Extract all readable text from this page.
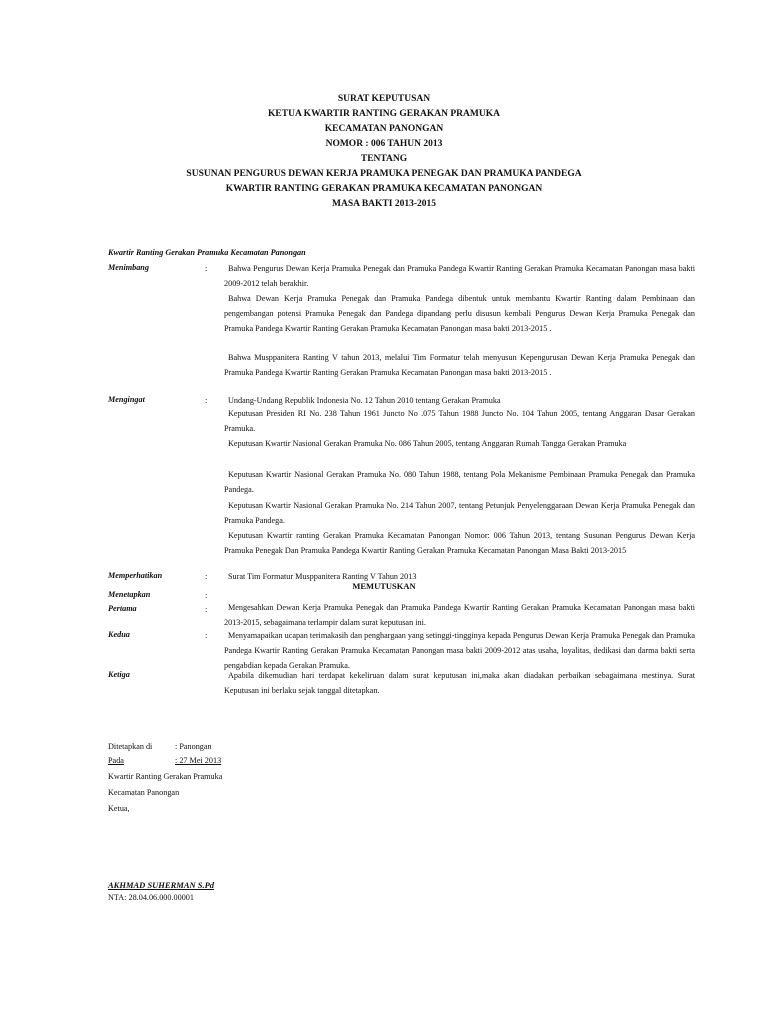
SURAT KEPUTUSAN
KETUA KWARTIR RANTING GERAKAN PRAMUKA
KECAMATAN PANONGAN
NOMOR : 006 TAHUN 2013
TENTANG
SUSUNAN PENGURUS DEWAN KERJA PRAMUKA PENEGAK DAN PRAMUKA PANDEGA
KWARTIR RANTING GERAKAN PRAMUKA KECAMATAN PANONGAN
MASA BAKTI 2013-2015
Kwartir Ranting Gerakan Pramuka Kecamatan Panongan
Menimbang	:	Bahwa Pengurus Dewan Kerja Pramuka Penegak dan Pramuka Pandega Kwartir Ranting Gerakan Pramuka Kecamatan Panongan masa bakti 2009-2012 telah berakhir.
Bahwa Dewan Kerja Pramuka Penegak dan Pramuka Pandega dibentuk untuk membantu Kwartir Ranting dalam Pembinaan dan pengembangan potensi Pramuka Penegak dan Pandega dipandang perlu disusun kembali Pengurus Dewan Kerja Pramuka Penegak dan Pramuka Pandega Kwartir Ranting Gerakan Pramuka Kecamatan Panongan masa bakti 2013-2015 .
Bahwa Musppanitera Ranting V tahun 2013, melalui Tim Formatur telah menyusun Kepengurusan Dewan Kerja Pramuka Penegak dan Pramuka Pandega Kwartir Ranting Gerakan Pramuka Kecamatan Panongan masa bakti 2013-2015 .
Mengingat	:	Undang-Undang Republik Indonesia No. 12 Tahun 2010 tentang Gerakan Pramuka
Keputusan Presiden RI No. 238 Tahun 1961 Juncto No .075 Tahun 1988 Juncto No. 104 Tahun 2005, tentang Anggaran Dasar Gerakan Pramuka.
Keputusan Kwartir Nasional Gerakan Pramuka No. 086 Tahun 2005, tentang Anggaran Rumah Tangga Gerakan Pramuka
Keputusan Kwartir Nasional Gerakan Pramuka No. 080 Tahun 1988, tentang Pola Mekanisme Pembinaan Pramuka Penegak dan Pramuka Pandega.
Keputusan Kwartir Nasional Gerakan Pramuka No. 214 Tahun 2007, tentang Petunjuk Penyelenggaraan Dewan Kerja Pramuka Penegak dan Pramuka Pandega.
Keputusan Kwartir ranting Gerakan Pramuka Kecamatan Panongan Nomor: 006 Tahun 2013, tentang Susunan Pengurus Dewan Kerja Pramuka Penegak Dan Pramuka Pandega Kwartir Ranting Gerakan Pramuka Kecamatan Panongan Masa Bakti 2013-2015
Memperhatikan	:	Surat Tim Formatur Musppanitera Ranting V Tahun 2013
MEMUTUSKAN
Menetapkan	:
Pertama	:	Mengesahkan Dewan Kerja Pramuka Penegak dan Pramuka Pandega Kwartir Ranting Gerakan Pramuka Kecamatan Panongan masa bakti 2013-2015, sebagaimana terlampir dalam surat keputusan ini.
Kedua	:	Menyamapaikan ucapan terimakasih dan penghargaan yang setinggi-tingginya kepada Pengurus Dewan Kerja Pramuka Penegak dan Pramuka Pandega Kwartir Ranting Gerakan Pramuka Kecamatan Panongan masa bakti 2009-2012 atas usaha, loyalitas, dedikasi dan darma bakti serta pengabdian kepada Gerakan Pramuka.
Ketiga	Apabila dikemudian hari terdapat kekeliruan dalam surat keputusan ini,maka akan diadakan perbaikan sebagaimana mestinya. Surat Keputusan ini berlaku sejak tanggal ditetapkan.
Ditetapkan di	: Panongan
Pada	: 27 Mei 2013
Kwartir Ranting Gerakan Pramuka
Kecamatan Panongan
Ketua,
AKHMAD SUHERMAN S.Pd
NTA: 28.04.06.000.00001
